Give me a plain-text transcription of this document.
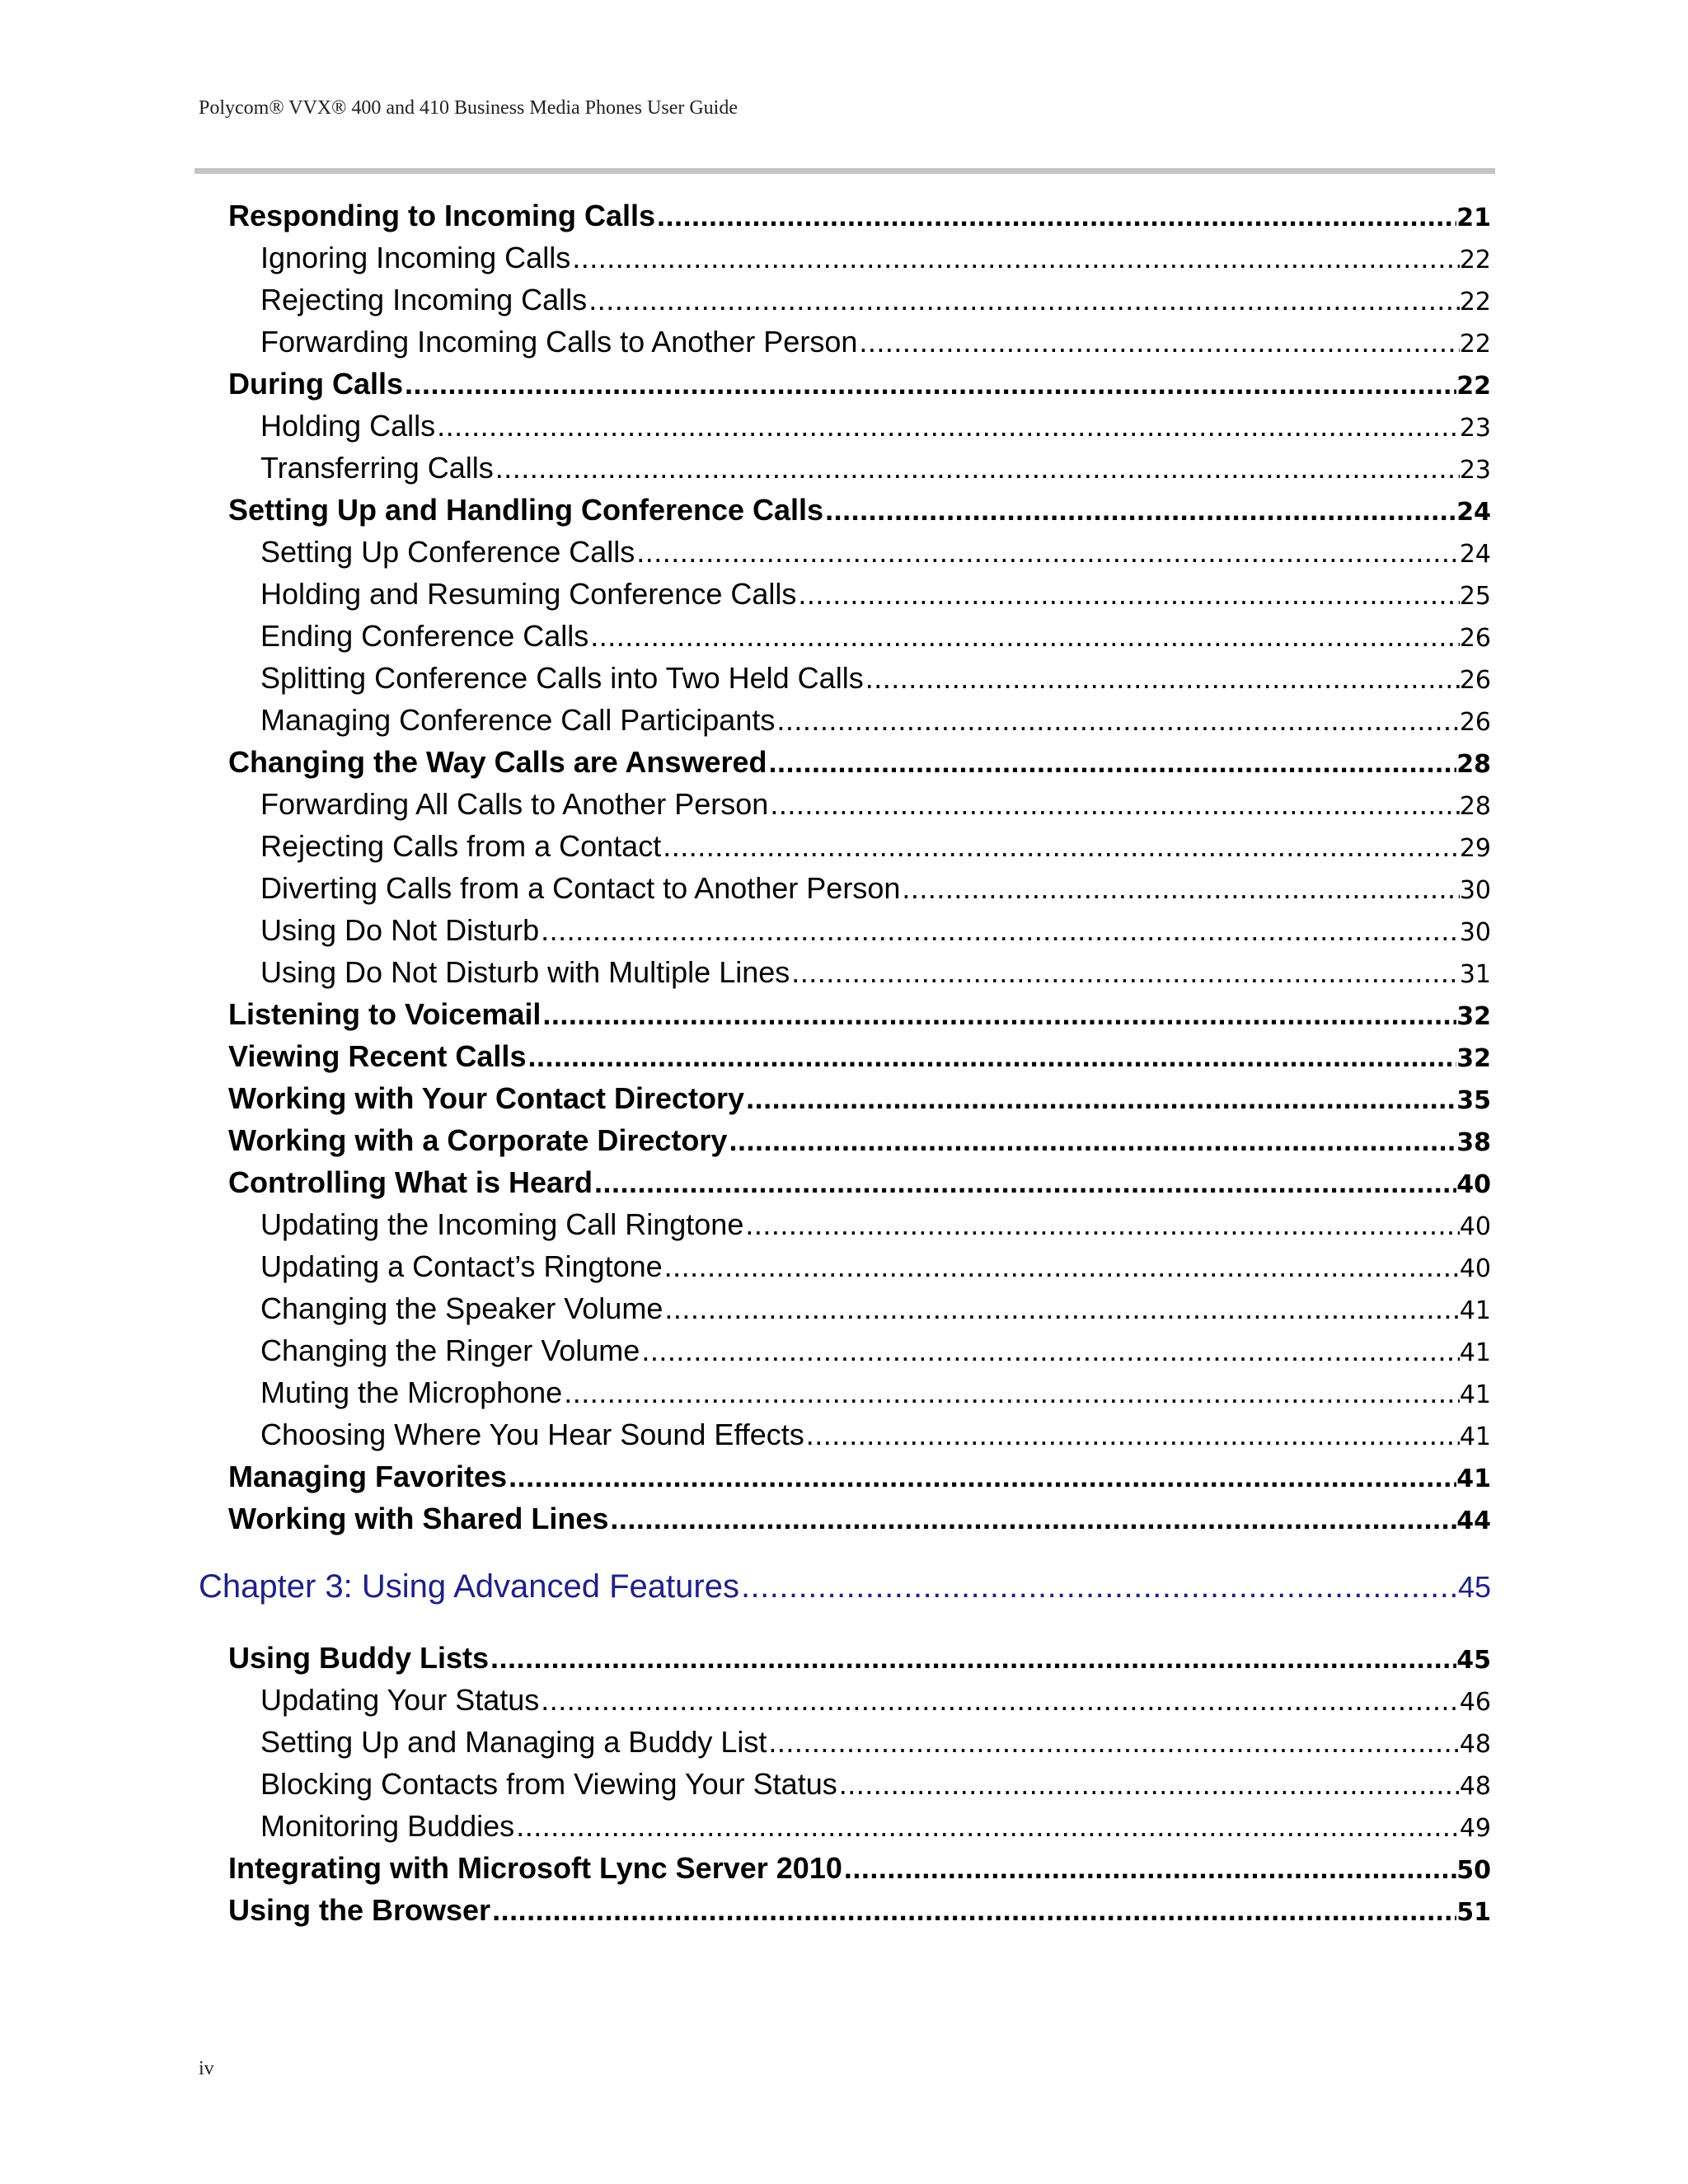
Polycom® VVX® 400 and 410 Business Media Phones User Guide
Responding to Incoming Calls .....	21
Ignoring Incoming Calls .....	22
Rejecting Incoming Calls .....	22
Forwarding Incoming Calls to Another Person .....	22
During Calls .....	22
Holding Calls .....	23
Transferring Calls .....	23
Setting Up and Handling Conference Calls .....	24
Setting Up Conference Calls .....	24
Holding and Resuming Conference Calls .....	25
Ending Conference Calls .....	26
Splitting Conference Calls into Two Held Calls .....	26
Managing Conference Call Participants .....	26
Changing the Way Calls are Answered .....	28
Forwarding All Calls to Another Person .....	28
Rejecting Calls from a Contact .....	29
Diverting Calls from a Contact to Another Person .....	30
Using Do Not Disturb .....	30
Using Do Not Disturb with Multiple Lines .....	31
Listening to Voicemail .....	32
Viewing Recent Calls .....	32
Working with Your Contact Directory .....	35
Working with a Corporate Directory .....	38
Controlling What is Heard .....	40
Updating the Incoming Call Ringtone .....	40
Updating a Contact’s Ringtone .....	40
Changing the Speaker Volume .....	41
Changing the Ringer Volume .....	41
Muting the Microphone .....	41
Choosing Where You Hear Sound Effects .....	41
Managing Favorites .....	41
Working with Shared Lines .....	44
Chapter 3: Using Advanced Features .....	45
Using Buddy Lists .....	45
Updating Your Status .....	46
Setting Up and Managing a Buddy List .....	48
Blocking Contacts from Viewing Your Status .....	48
Monitoring Buddies .....	49
Integrating with Microsoft Lync Server 2010 .....	50
Using the Browser .....	51
iv
